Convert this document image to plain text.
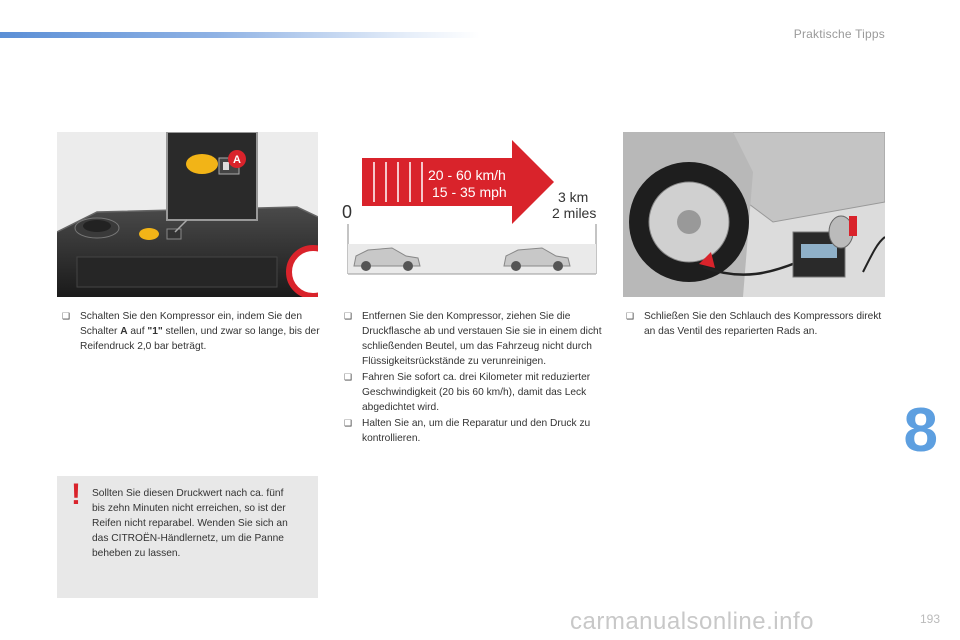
Praktische Tipps
A
20 - 60 km/h
15 - 35 mph
0
3 km
2 miles
❑ Schalten Sie den Kompressor ein, indem Sie den Schalter A auf "1" stellen, und zwar so lange, bis der Reifendruck 2,0 bar beträgt.
❑ Entfernen Sie den Kompressor, ziehen Sie die Druckflasche ab und verstauen Sie sie in einem dicht schließenden Beutel, um das Fahrzeug nicht durch Flüssigkeitsrückstände zu verunreinigen.
❑ Fahren Sie sofort ca. drei Kilometer mit reduzierter Geschwindigkeit (20 bis 60 km/h), damit das Leck abgedichtet wird.
❑ Halten Sie an, um die Reparatur und den Druck zu kontrollieren.
❑ Schließen Sie den Schlauch des Kompressors direkt an das Ventil des reparierten Rads an.
! Sollten Sie diesen Druckwert nach ca. fünf bis zehn Minuten nicht erreichen, so ist der Reifen nicht reparabel. Wenden Sie sich an das CITROËN-Händlernetz, um die Panne beheben zu lassen.
8
193
carmanualsonline.info
